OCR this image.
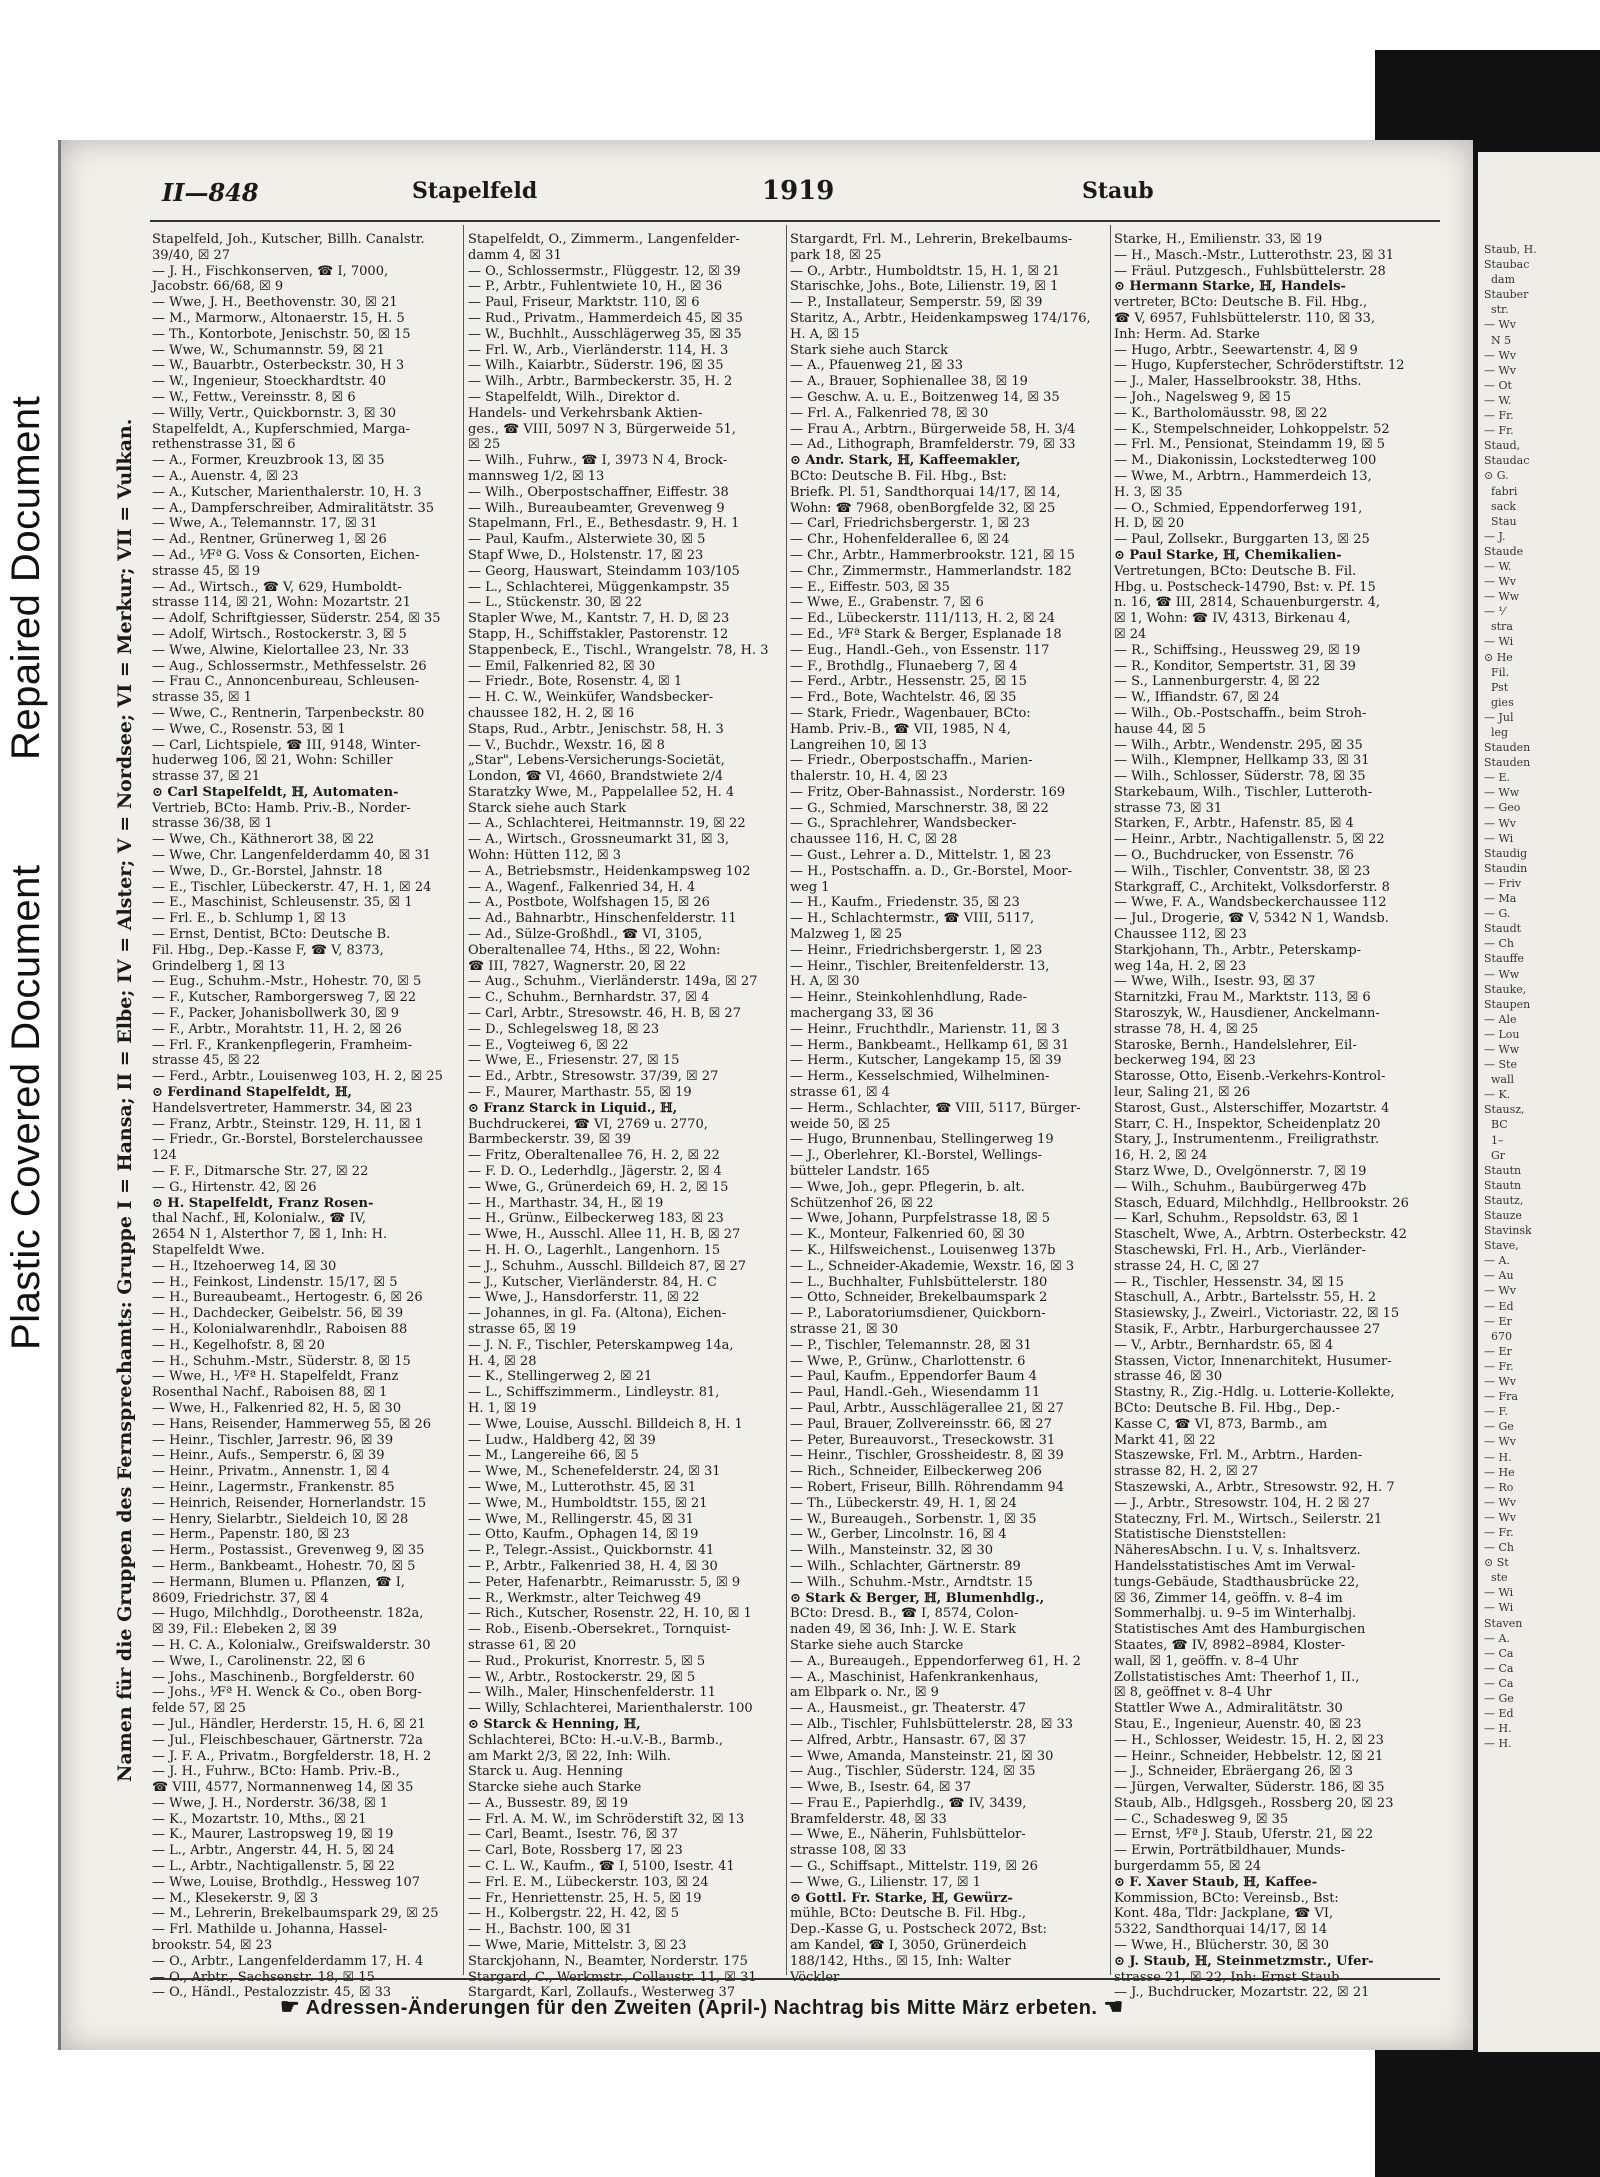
Plastic Covered Document
Repaired Document
Staub, H.
Staubac
dam
Stauber
str.
— Wv
N 5
— Wv
— Wv
— Ot
— W.
— Fr.
— Fr.
Staud,
Staudac
⊙ G.
fabri
sack
Stau
— J.
Staude
— W.
— Wv
— Ww
— ⅟
stra
— Wi
⊙ He
Fil.
Pst
gies
— Jul
leg
Stauden
Stauden
— E.
— Ww
— Geo
— Wv
— Wi
Staudig
Staudin
— Friv
— Ma
— G.
Staudt
— Ch
Stauffe
— Ww
Stauke,
Staupen
— Ale
— Lou
— Ww
— Ste
wall
— K.
Stausz,
BC
1–
Gr
Stautn
Stautn
Stautz,
Stauze
Stavinsk
Stave,
— A.
— Au
— Wv
— Ed
— Er
670
— Er
— Fr.
— Wv
— Fra
— F.
— Ge
— Wv
— H.
— He
— Ro
— Wv
— Wv
— Fr.
— Ch
⊙ St
ste
— Wi
— Wi
Staven
— A.
— Ca
— Ca
— Ca
— Ge
— Ed
— H.
— H.
II—848	Stapelfeld	1919	Staub
Namen für die Gruppen des Fernsprechamts: Gruppe I = Hansa; II = Elbe; IV = Alster; V = Nordsee; VI = Merkur; VII = Vulkan.
Stapelfeld, Joh., Kutscher, Billh. Canalstr.
39/40, ☒ 27
— J. H., Fischkonserven, ☎ I, 7000,
Jacobstr. 66/68, ☒ 9
— Wwe, J. H., Beethovenstr. 30, ☒ 21
— M., Marmorw., Altonaerstr. 15, H. 5
— Th., Kontorbote, Jenischstr. 50, ☒ 15
— Wwe, W., Schumannstr. 59, ☒ 21
— W., Bauarbtr., Osterbeckstr. 30, H 3
— W., Ingenieur, Stoeckhardtstr. 40
— W., Fettw., Vereinsstr. 8, ☒ 6
— Willy, Vertr., Quickbornstr. 3, ☒ 30
Stapelfeldt, A., Kupferschmied, Marga-
rethenstrasse 31, ☒ 6
— A., Former, Kreuzbrook 13, ☒ 35
— A., Auenstr. 4, ☒ 23
— A., Kutscher, Marienthalerstr. 10, H. 3
— A., Dampferschreiber, Admiralitätstr. 35
— Wwe, A., Telemannstr. 17, ☒ 31
— Ad., Rentner, Grünerweg 1, ☒ 26
— Ad., ⅟Fª G. Voss & Consorten, Eichen-
strasse 45, ☒ 19
— Ad., Wirtsch., ☎ V, 629, Humboldt-
strasse 114, ☒ 21, Wohn: Mozartstr. 21
— Adolf, Schriftgiesser, Süderstr. 254, ☒ 35
— Adolf, Wirtsch., Rostockerstr. 3, ☒ 5
— Wwe, Alwine, Kielortallee 23, Nr. 33
— Aug., Schlossermstr., Methfesselstr. 26
— Frau C., Annoncenbureau, Schleusen-
strasse 35, ☒ 1
— Wwe, C., Rentnerin, Tarpenbeckstr. 80
— Wwe, C., Rosenstr. 53, ☒ 1
— Carl, Lichtspiele, ☎ III, 9148, Winter-
huderweg 106, ☒ 21, Wohn: Schiller
strasse 37, ☒ 21
⊙ Carl Stapelfeldt, ℍ, Automaten-
Vertrieb, BCto: Hamb. Priv.-B., Norder-
strasse 36/38, ☒ 1
— Wwe, Ch., Käthnerort 38, ☒ 22
— Wwe, Chr. Langenfelderdamm 40, ☒ 31
— Wwe, D., Gr.-Borstel, Jahnstr. 18
— E., Tischler, Lübeckerstr. 47, H. 1, ☒ 24
— E., Maschinist, Schleusenstr. 35, ☒ 1
— Frl. E., b. Schlump 1, ☒ 13
— Ernst, Dentist, BCto: Deutsche B.
Fil. Hbg., Dep.-Kasse F, ☎ V, 8373,
Grindelberg 1, ☒ 13
— Eug., Schuhm.-Mstr., Hohestr. 70, ☒ 5
— F., Kutscher, Ramborgersweg 7, ☒ 22
— F., Packer, Johanisbollwerk 30, ☒ 9
— F., Arbtr., Morahtstr. 11, H. 2, ☒ 26
— Frl. F., Krankenpflegerin, Framheim-
strasse 45, ☒ 22
— Ferd., Arbtr., Louisenweg 103, H. 2, ☒ 25
⊙ Ferdinand Stapelfeldt, ℍ,
Handelsvertreter, Hammerstr. 34, ☒ 23
— Franz, Arbtr., Steinstr. 129, H. 11, ☒ 1
— Friedr., Gr.-Borstel, Borstelerchaussee
124
— F. F., Ditmarsche Str. 27, ☒ 22
— G., Hirtenstr. 42, ☒ 26
⊙ H. Stapelfeldt, Franz Rosen-
thal Nachf., ℍ, Kolonialw., ☎ IV,
2654 N 1, Alsterthor 7, ☒ 1, Inh: H.
Stapelfeldt Wwe.
— H., Itzehoerweg 14, ☒ 30
— H., Feinkost, Lindenstr. 15/17, ☒ 5
— H., Bureaubeamt., Hertogestr. 6, ☒ 26
— H., Dachdecker, Geibelstr. 56, ☒ 39
— H., Kolonialwarenhdlr., Raboisen 88
— H., Kegelhofstr. 8, ☒ 20
— H., Schuhm.-Mstr., Süderstr. 8, ☒ 15
— Wwe, H., ⅟Fª H. Stapelfeldt, Franz
Rosenthal Nachf., Raboisen 88, ☒ 1
— Wwe, H., Falkenried 82, H. 5, ☒ 30
— Hans, Reisender, Hammerweg 55, ☒ 26
— Heinr., Tischler, Jarrestr. 96, ☒ 39
— Heinr., Aufs., Semperstr. 6, ☒ 39
— Heinr., Privatm., Annenstr. 1, ☒ 4
— Heinr., Lagermstr., Frankenstr. 85
— Heinrich, Reisender, Hornerlandstr. 15
— Henry, Sielarbtr., Sieldeich 10, ☒ 28
— Herm., Papenstr. 180, ☒ 23
— Herm., Postassist., Grevenweg 9, ☒ 35
— Herm., Bankbeamt., Hohestr. 70, ☒ 5
— Hermann, Blumen u. Pflanzen, ☎ I,
8609, Friedrichstr. 37, ☒ 4
— Hugo, Milchhdlg., Dorotheenstr. 182a,
☒ 39, Fil.: Elebeken 2, ☒ 39
— H. C. A., Kolonialw., Greifswalderstr. 30
— Wwe, I., Carolinenstr. 22, ☒ 6
— Johs., Maschinenb., Borgfelderstr. 60
— Johs., ⅟Fª H. Wenck & Co., oben Borg-
felde 57, ☒ 25
— Jul., Händler, Herderstr. 15, H. 6, ☒ 21
— Jul., Fleischbeschauer, Gärtnerstr. 72a
— J. F. A., Privatm., Borgfelderstr. 18, H. 2
— J. H., Fuhrw., BCto: Hamb. Priv.-B.,
☎ VIII, 4577, Normannenweg 14, ☒ 35
— Wwe, J. H., Norderstr. 36/38, ☒ 1
— K., Mozartstr. 10, Mths., ☒ 21
— K., Maurer, Lastropsweg 19, ☒ 19
— L., Arbtr., Angerstr. 44, H. 5, ☒ 24
— L., Arbtr., Nachtigallenstr. 5, ☒ 22
— Wwe, Louise, Brothdlg., Hessweg 107
— M., Klesekerstr. 9, ☒ 3
— M., Lehrerin, Brekelbaumspark 29, ☒ 25
— Frl. Mathilde u. Johanna, Hassel-
brookstr. 54, ☒ 23
— O., Arbtr., Langenfelderdamm 17, H. 4
— O., Händl., Pestalozzistr. 45, ☒ 33
Stapelfeldt, O., Zimmerm., Langenfelder-
damm 4, ☒ 31
— O., Schlossermstr., Flüggestr. 12, ☒ 39
— P., Arbtr., Fuhlentwiete 10, H., ☒ 36
— Paul, Friseur, Marktstr. 110, ☒ 6
— Rud., Privatm., Hammerdeich 45, ☒ 35
— W., Buchhlt., Ausschlägerweg 35, ☒ 35
— Frl. W., Arb., Vierländerstr. 114, H. 3
— Wilh., Kaiarbtr., Süderstr. 196, ☒ 35
— Wilh., Arbtr., Barmbeckerstr. 35, H. 2
— Stapelfeldt, Wilh., Direktor d.
Handels- und Verkehrsbank Aktien-
ges., ☎ VIII, 5097 N 3, Bürgerweide 51,
☒ 25
— Wilh., Fuhrw., ☎ I, 3973 N 4, Brock-
mannsweg 1/2, ☒ 13
— Wilh., Oberpostschaffner, Eiffestr. 38
— Wilh., Bureaubeamter, Grevenweg 9
Stapelmann, Frl., E., Bethesdastr. 9, H. 1
— Paul, Kaufm., Alsterwiete 30, ☒ 5
Stapf Wwe, D., Holstenstr. 17, ☒ 23
— Georg, Hauswart, Steindamm 103/105
— L., Schlachterei, Müggenkampstr. 35
— L., Stückenstr. 30, ☒ 22
Stapler Wwe, M., Kantstr. 7, H. D, ☒ 23
Stapp, H., Schiffstakler, Pastorenstr. 12
Stappenbeck, E., Tischl., Wrangelstr. 78, H. 3
— Emil, Falkenried 82, ☒ 30
— Friedr., Bote, Rosenstr. 4, ☒ 1
— H. C. W., Weinküfer, Wandsbecker-
chaussee 182, H. 2, ☒ 16
Staps, Rud., Arbtr., Jenischstr. 58, H. 3
— V., Buchdr., Wexstr. 16, ☒ 8
„Star", Lebens-Versicherungs-Societät,
London, ☎ VI, 4660, Brandstwiete 2/4
Staratzky Wwe, M., Pappelallee 52, H. 4
Starck siehe auch Stark
— A., Schlachterei, Heitmannstr. 19, ☒ 22
— A., Wirtsch., Grossneumarkt 31, ☒ 3,
Wohn: Hütten 112, ☒ 3
— A., Betriebsmstr., Heidenkampsweg 102
— A., Wagenf., Falkenried 34, H. 4
— A., Postbote, Wolfshagen 15, ☒ 26
— Ad., Bahnarbtr., Hinschenfelderstr. 11
— Ad., Sülze-Großhdl., ☎ VI, 3105,
Oberaltenallee 74, Hths., ☒ 22, Wohn:
☎ III, 7827, Wagnerstr. 20, ☒ 22
— Aug., Schuhm., Vierländerstr. 149a, ☒ 27
— C., Schuhm., Bernhardstr. 37, ☒ 4
— Carl, Arbtr., Stresowstr. 46, H. B, ☒ 27
— D., Schlegelsweg 18, ☒ 23
— E., Vogteiweg 6, ☒ 22
— Wwe, E., Friesenstr. 27, ☒ 15
— Ed., Arbtr., Stresowstr. 37/39, ☒ 27
— F., Maurer, Marthastr. 55, ☒ 19
⊙ Franz Starck in Liquid., ℍ,
Buchdruckerei, ☎ VI, 2769 u. 2770,
Barmbeckerstr. 39, ☒ 39
— Fritz, Oberaltenallee 76, H. 2, ☒ 22
— F. D. O., Lederhdlg., Jägerstr. 2, ☒ 4
— Wwe, G., Grünerdeich 69, H. 2, ☒ 15
— H., Marthastr. 34, H., ☒ 19
— H., Grünw., Eilbeckerweg 183, ☒ 23
— Wwe, H., Ausschl. Allee 11, H. B, ☒ 27
— H. H. O., Lagerhlt., Langenhorn. 15
— J., Schuhm., Ausschl. Billdeich 87, ☒ 27
— J., Kutscher, Vierländerstr. 84, H. C
— Wwe, J., Hansdorferstr. 11, ☒ 22
— Johannes, in gl. Fa. (Altona), Eichen-
strasse 65, ☒ 19
— J. N. F., Tischler, Peterskampweg 14a,
H. 4, ☒ 28
— K., Stellingerweg 2, ☒ 21
— L., Schiffszimmerm., Lindleystr. 81,
H. 1, ☒ 19
— Wwe, Louise, Ausschl. Billdeich 8, H. 1
— Ludw., Haldberg 42, ☒ 39
— M., Langereihe 66, ☒ 5
— Wwe, M., Schenefelderstr. 24, ☒ 31
— Wwe, M., Lutterothstr. 45, ☒ 31
— Wwe, M., Humboldtstr. 155, ☒ 21
— Wwe, M., Rellingerstr. 45, ☒ 31
— Otto, Kaufm., Ophagen 14, ☒ 19
— P., Telegr.-Assist., Quickbornstr. 41
— P., Arbtr., Falkenried 38, H. 4, ☒ 30
— Peter, Hafenarbtr., Reimarusstr. 5, ☒ 9
— R., Werkmstr., alter Teichweg 49
— Rich., Kutscher, Rosenstr. 22, H. 10, ☒ 1
— Rob., Eisenb.-Obersekret., Tornquist-
strasse 61, ☒ 20
— Rud., Prokurist, Knorrestr. 5, ☒ 5
— W., Arbtr., Rostockerstr. 29, ☒ 5
— Wilh., Maler, Hinschenfelderstr. 11
— Willy, Schlachterei, Marienthalerstr. 100
⊙ Starck & Henning, ℍ,
Schlachterei, BCto: H.-u.V.-B., Barmb.,
am Markt 2/3, ☒ 22, Inh: Wilh.
Starck u. Aug. Henning
Starcke siehe auch Starke
— A., Bussestr. 89, ☒ 19
— Frl. A. M. W., im Schröderstift 32, ☒ 13
— Carl, Beamt., Isestr. 76, ☒ 37
— Carl, Bote, Rossberg 17, ☒ 23
— C. L. W., Kaufm., ☎ I, 5100, Isestr. 41
— Frl. E. M., Lübeckerstr. 103, ☒ 24
— Fr., Henriettenstr. 25, H. 5, ☒ 19
— H., Kolbergstr. 22, H. 42, ☒ 5
— H., Bachstr. 100, ☒ 31
— Wwe, Marie, Mittelstr. 3, ☒ 23
Starckjohann, N., Beamter, Norderstr. 175
Stargardt, Karl, Zollaufs., Westerweg 37
Stargardt, Frl. M., Lehrerin, Brekelbaums-
park 18, ☒ 25
— O., Arbtr., Humboldtstr. 15, H. 1, ☒ 21
Starischke, Johs., Bote, Lilienstr. 19, ☒ 1
— P., Installateur, Semperstr. 59, ☒ 39
Staritz, A., Arbtr., Heidenkampsweg 174/176,
H. A, ☒ 15
Stark siehe auch Starck
— A., Pfauenweg 21, ☒ 33
— A., Brauer, Sophienallee 38, ☒ 19
— Geschw. A. u. E., Boitzenweg 14, ☒ 35
— Frl. A., Falkenried 78, ☒ 30
— Frau A., Arbtrn., Bürgerweide 58, H. 3/4
— Ad., Lithograph, Bramfelderstr. 79, ☒ 33
⊙ Andr. Stark, ℍ, Kaffeemakler,
BCto: Deutsche B. Fil. Hbg., Bst:
Briefk. Pl. 51, Sandthorquai 14/17, ☒ 14,
Wohn: ☎ 7968, obenBorgfelde 32, ☒ 25
— Carl, Friedrichsbergerstr. 1, ☒ 23
— Chr., Hohenfelderallee 6, ☒ 24
— Chr., Arbtr., Hammerbrookstr. 121, ☒ 15
— Chr., Zimmermstr., Hammerlandstr. 182
— E., Eiffestr. 503, ☒ 35
— Wwe, E., Grabenstr. 7, ☒ 6
— Ed., Lübeckerstr. 111/113, H. 2, ☒ 24
— Ed., ⅟Fª Stark & Berger, Esplanade 18
— Eug., Handl.-Geh., von Essenstr. 117
— F., Brothdlg., Flunaeberg 7, ☒ 4
— Ferd., Arbtr., Hessenstr. 25, ☒ 15
— Frd., Bote, Wachtelstr. 46, ☒ 35
— Stark, Friedr., Wagenbauer, BCto:
Hamb. Priv.-B., ☎ VII, 1985, N 4,
Langreihen 10, ☒ 13
— Friedr., Oberpostschaffn., Marien-
thalerstr. 10, H. 4, ☒ 23
— Fritz, Ober-Bahnassist., Norderstr. 169
— G., Schmied, Marschnerstr. 38, ☒ 22
— G., Sprachlehrer, Wandsbecker-
chaussee 116, H. C, ☒ 28
— Gust., Lehrer a. D., Mittelstr. 1, ☒ 23
— H., Postschaffn. a. D., Gr.-Borstel, Moor-
weg 1
— H., Kaufm., Friedenstr. 35, ☒ 23
— H., Schlachtermstr., ☎ VIII, 5117,
Malzweg 1, ☒ 25
— Heinr., Friedrichsbergerstr. 1, ☒ 23
— Heinr., Tischler, Breitenfelderstr. 13,
H. A, ☒ 30
— Heinr., Steinkohlenhdlung, Rade-
machergang 33, ☒ 36
— Heinr., Fruchthdlr., Marienstr. 11, ☒ 3
— Herm., Bankbeamt., Hellkamp 61, ☒ 31
— Herm., Kutscher, Langekamp 15, ☒ 39
— Herm., Kesselschmied, Wilhelminen-
strasse 61, ☒ 4
— Herm., Schlachter, ☎ VIII, 5117, Bürger-
weide 50, ☒ 25
— Hugo, Brunnenbau, Stellingerweg 19
— J., Oberlehrer, Kl.-Borstel, Wellings-
bütteler Landstr. 165
— Wwe, Joh., gepr. Pflegerin, b. alt.
Schützenhof 26, ☒ 22
— Wwe, Johann, Purpfelstrasse 18, ☒ 5
— K., Monteur, Falkenried 60, ☒ 30
— K., Hilfsweichenst., Louisenweg 137b
— L., Schneider-Akademie, Wexstr. 16, ☒ 3
— L., Buchhalter, Fuhlsbüttelerstr. 180
— Otto, Schneider, Brekelbaumspark 2
— P., Laboratoriumsdiener, Quickborn-
strasse 21, ☒ 30
— P., Tischler, Telemannstr. 28, ☒ 31
— Wwe, P., Grünw., Charlottenstr. 6
— Paul, Kaufm., Eppendorfer Baum 4
— Paul, Handl.-Geh., Wiesendamm 11
— Paul, Arbtr., Ausschlägerallee 21, ☒ 27
— Paul, Brauer, Zollvereinsstr. 66, ☒ 27
— Peter, Bureauvorst., Treseckowstr. 31
— Heinr., Tischler, Grossheidestr. 8, ☒ 39
— Rich., Schneider, Eilbeckerweg 206
— Robert, Friseur, Billh. Röhrendamm 94
— Th., Lübeckerstr. 49, H. 1, ☒ 24
— W., Bureaugeh., Sorbenstr. 1, ☒ 35
— W., Gerber, Lincolnstr. 16, ☒ 4
— Wilh., Mansteinstr. 32, ☒ 30
— Wilh., Schlachter, Gärtnerstr. 89
— Wilh., Schuhm.-Mstr., Arndtstr. 15
⊙ Stark & Berger, ℍ, Blumenhdlg.,
BCto: Dresd. B., ☎ I, 8574, Colon-
naden 49, ☒ 36, Inh: J. W. E. Stark
Starke siehe auch Starcke
— A., Bureaugeh., Eppendorferweg 61, H. 2
— A., Maschinist, Hafenkrankenhaus,
am Elbpark o. Nr., ☒ 9
— A., Hausmeist., gr. Theaterstr. 47
— Alb., Tischler, Fuhlsbüttelerstr. 28, ☒ 33
— Alfred, Arbtr., Hansastr. 67, ☒ 37
— Wwe, Amanda, Mansteinstr. 21, ☒ 30
— Aug., Tischler, Süderstr. 124, ☒ 35
— Wwe, B., Isestr. 64, ☒ 37
— Frau E., Papierhdlg., ☎ IV, 3439,
Bramfelderstr. 48, ☒ 33
— Wwe, E., Näherin, Fuhlsbüttelor-
strasse 108, ☒ 33
— G., Schiffsapt., Mittelstr. 119, ☒ 26
— Wwe, G., Lilienstr. 17, ☒ 1
⊙ Gottl. Fr. Starke, ℍ, Gewürz-
mühle, BCto: Deutsche B. Fil. Hbg.,
Dep.-Kasse G, u. Postscheck 2072, Bst:
am Kandel, ☎ I, 3050, Grünerdeich
188/142, Hths., ☒ 15, Inh: Walter
Starke, H., Emilienstr. 33, ☒ 19
— H., Masch.-Mstr., Lutterothstr. 23, ☒ 31
— Fräul. Putzgesch., Fuhlsbüttelerstr. 28
⊙ Hermann Starke, ℍ, Handels-
vertreter, BCto: Deutsche B. Fil. Hbg.,
☎ V, 6957, Fuhlsbüttelerstr. 110, ☒ 33,
Inh: Herm. Ad. Starke
— Hugo, Arbtr., Seewartenstr. 4, ☒ 9
— Hugo, Kupferstecher, Schröderstiftstr. 12
— J., Maler, Hasselbrookstr. 38, Hths.
— Joh., Nagelsweg 9, ☒ 15
— K., Bartholomäusstr. 98, ☒ 22
— K., Stempelschneider, Lohkoppelstr. 52
— Frl. M., Pensionat, Steindamm 19, ☒ 5
— M., Diakonissin, Lockstedterweg 100
— Wwe, M., Arbtrn., Hammerdeich 13,
H. 3, ☒ 35
— O., Schmied, Eppendorferweg 191,
H. D, ☒ 20
— Paul, Zollsekr., Burggarten 13, ☒ 25
⊙ Paul Starke, ℍ, Chemikalien-
Vertretungen, BCto: Deutsche B. Fil.
Hbg. u. Postscheck-14790, Bst: v. Pf. 15
n. 16, ☎ III, 2814, Schauenburgerstr. 4,
☒ 1, Wohn: ☎ IV, 4313, Birkenau 4,
☒ 24
— R., Schiffsing., Heussweg 29, ☒ 19
— R., Konditor, Sempertstr. 31, ☒ 39
— S., Lannenburgerstr. 4, ☒ 22
— W., Iffiandstr. 67, ☒ 24
— Wilh., Ob.-Postschaffn., beim Stroh-
hause 44, ☒ 5
— Wilh., Arbtr., Wendenstr. 295, ☒ 35
— Wilh., Klempner, Hellkamp 33, ☒ 31
— Wilh., Schlosser, Süderstr. 78, ☒ 35
Starkebaum, Wilh., Tischler, Lutteroth-
strasse 73, ☒ 31
Starken, F., Arbtr., Hafenstr. 85, ☒ 4
— Heinr., Arbtr., Nachtigallenstr. 5, ☒ 22
— O., Buchdrucker, von Essenstr. 76
— Wilh., Tischler, Conventstr. 38, ☒ 23
Starkgraff, C., Architekt, Volksdorferstr. 8
— Wwe, F. A., Wandsbeckerchaussee 112
— Jul., Drogerie, ☎ V, 5342 N 1, Wandsb.
Chaussee 112, ☒ 23
Starkjohann, Th., Arbtr., Peterskamp-
weg 14a, H. 2, ☒ 23
— Wwe, Wilh., Isestr. 93, ☒ 37
Starnitzki, Frau M., Marktstr. 113, ☒ 6
Staroszyk, W., Hausdiener, Anckelmann-
strasse 78, H. 4, ☒ 25
Staroske, Bernh., Handelslehrer, Eil-
beckerweg 194, ☒ 23
Starosse, Otto, Eisenb.-Verkehrs-Kontrol-
leur, Saling 21, ☒ 26
Starost, Gust., Alsterschiffer, Mozartstr. 4
Starr, C. H., Inspektor, Scheidenplatz 20
Stary, J., Instrumentenm., Freiligrathstr.
16, H. 2, ☒ 24
Starz Wwe, D., Ovelgönnerstr. 7, ☒ 19
— Wilh., Schuhm., Baubürgerweg 47b
Stasch, Eduard, Milchhdlg., Hellbrookstr. 26
— Karl, Schuhm., Repsoldstr. 63, ☒ 1
Staschelt, Wwe, A., Arbtrn. Osterbeckstr. 42
Staschewski, Frl. H., Arb., Vierländer-
strasse 24, H. C, ☒ 27
— R., Tischler, Hessenstr. 34, ☒ 15
Staschull, A., Arbtr., Bartelsstr. 55, H. 2
Stasiewsky, J., Zweirl., Victoriastr. 22, ☒ 15
Stasik, F., Arbtr., Harburgerchaussee 27
— V., Arbtr., Bernhardstr. 65, ☒ 4
Stassen, Victor, Innenarchitekt, Husumer-
strasse 46, ☒ 30
Stastny, R., Zig.-Hdlg. u. Lotterie-Kollekte,
BCto: Deutsche B. Fil. Hbg., Dep.-
Kasse C, ☎ VI, 873, Barmb., am
Markt 41, ☒ 22
Staszewske, Frl. M., Arbtrn., Harden-
strasse 82, H. 2, ☒ 27
Staszewski, A., Arbtr., Stresowstr. 92, H. 7
— J., Arbtr., Stresowstr. 104, H. 2 ☒ 27
Stateczny, Frl. M., Wirtsch., Seilerstr. 21
Statistische Dienststellen:
NäheresAbschn. I u. V, s. Inhaltsverz.
Handelsstatistisches Amt im Verwal-
tungs-Gebäude, Stadthausbrücke 22,
☒ 36, Zimmer 14, geöffn. v. 8–4 im
Sommerhalbj. u. 9–5 im Winterhalbj.
Statistisches Amt des Hamburgischen
Staates, ☎ IV, 8982–8984, Kloster-
wall, ☒ 1, geöffn. v. 8–4 Uhr
Zollstatistisches Amt: Theerhof 1, II.,
☒ 8, geöffnet v. 8–4 Uhr
Stattler Wwe A., Admiralitätstr. 30
Stau, E., Ingenieur, Auenstr. 40, ☒ 23
— H., Schlosser, Weidestr. 15, H. 2, ☒ 23
— Heinr., Schneider, Hebbelstr. 12, ☒ 21
— J., Schneider, Ebräergang 26, ☒ 3
— Jürgen, Verwalter, Süderstr. 186, ☒ 35
Staub, Alb., Hdlgsgeh., Rossberg 20, ☒ 23
— C., Schadesweg 9, ☒ 35
— Ernst, ⅟Fª J. Staub, Uferstr. 21, ☒ 22
— Erwin, Porträtbildhauer, Munds-
burgerdamm 55, ☒ 24
⊙ F. Xaver Staub, ℍ, Kaffee-
Kommission, BCto: Vereinsb., Bst:
Kont. 48a, Tldr: Jackplane, ☎ VI,
5322, Sandthorquai 14/17, ☒ 14
— Wwe, H., Blücherstr. 30, ☒ 30
⊙ J. Staub, ℍ, Steinmetzmstr., Ufer-
— J., Buchdrucker, Mozartstr. 22, ☒ 21
☛ Adressen-Änderungen für den Zweiten (April-) Nachtrag bis Mitte März erbeten. ☚
